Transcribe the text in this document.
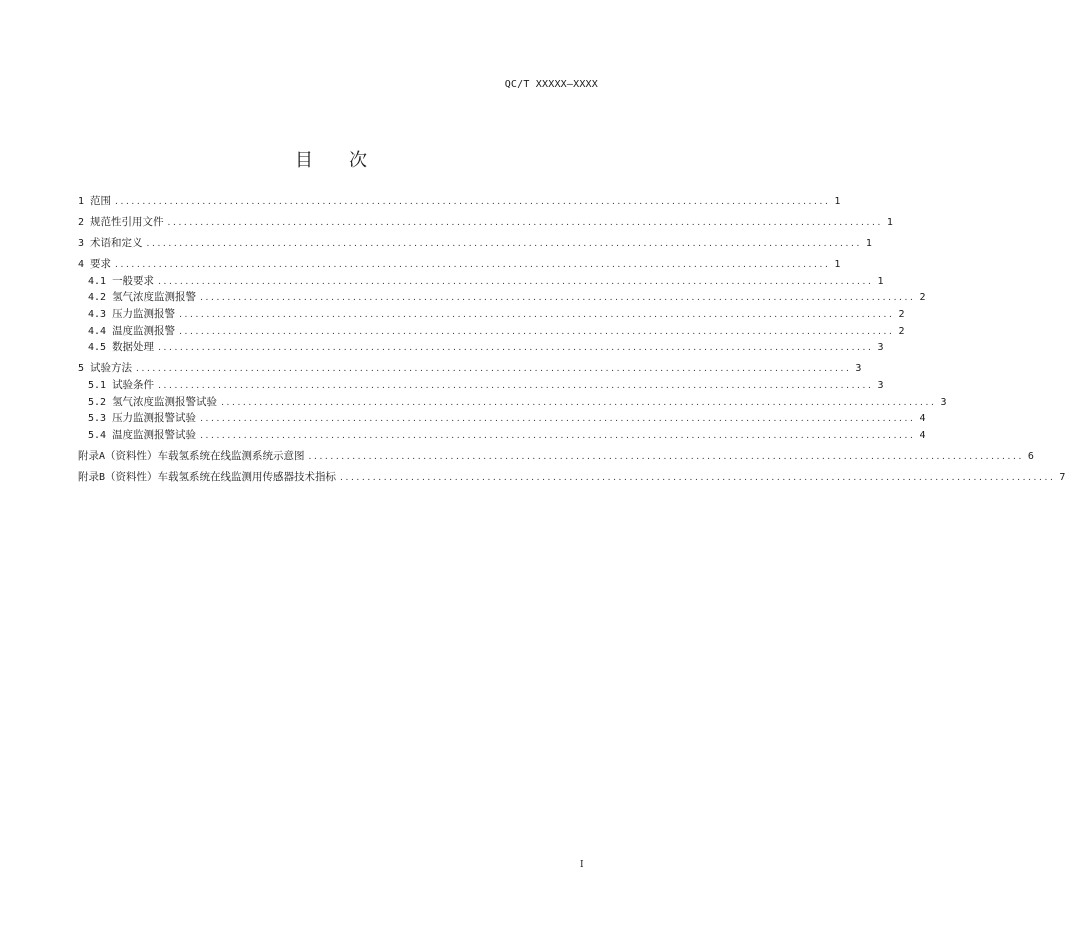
QC/T XXXXX—XXXX
目 次
1 范围 ................................................................................................................................... 1
2 规范性引用文件 ................................................................................................................................... 1
3 术语和定义 ................................................................................................................................... 1
4 要求 ................................................................................................................................... 1
4.1 一般要求 ................................................................................................................................... 1
4.2 氢气浓度监测报警 ................................................................................................................................... 2
4.3 压力监测报警 ................................................................................................................................... 2
4.4 温度监测报警 ................................................................................................................................... 2
4.5 数据处理 ................................................................................................................................... 3
5 试验方法 ................................................................................................................................... 3
5.1 试验条件 ................................................................................................................................... 3
5.2 氢气浓度监测报警试验 ................................................................................................................................... 3
5.3 压力监测报警试验 ................................................................................................................................... 4
5.4 温度监测报警试验 ................................................................................................................................... 4
附 录 A （资料性） 车载氢系统在线监测系统示意图 ................................................................................................................................... 6
附 录 B （资料性） 车载氢系统在线监测用传感器技术指标 ................................................................................................................................... 7
I
